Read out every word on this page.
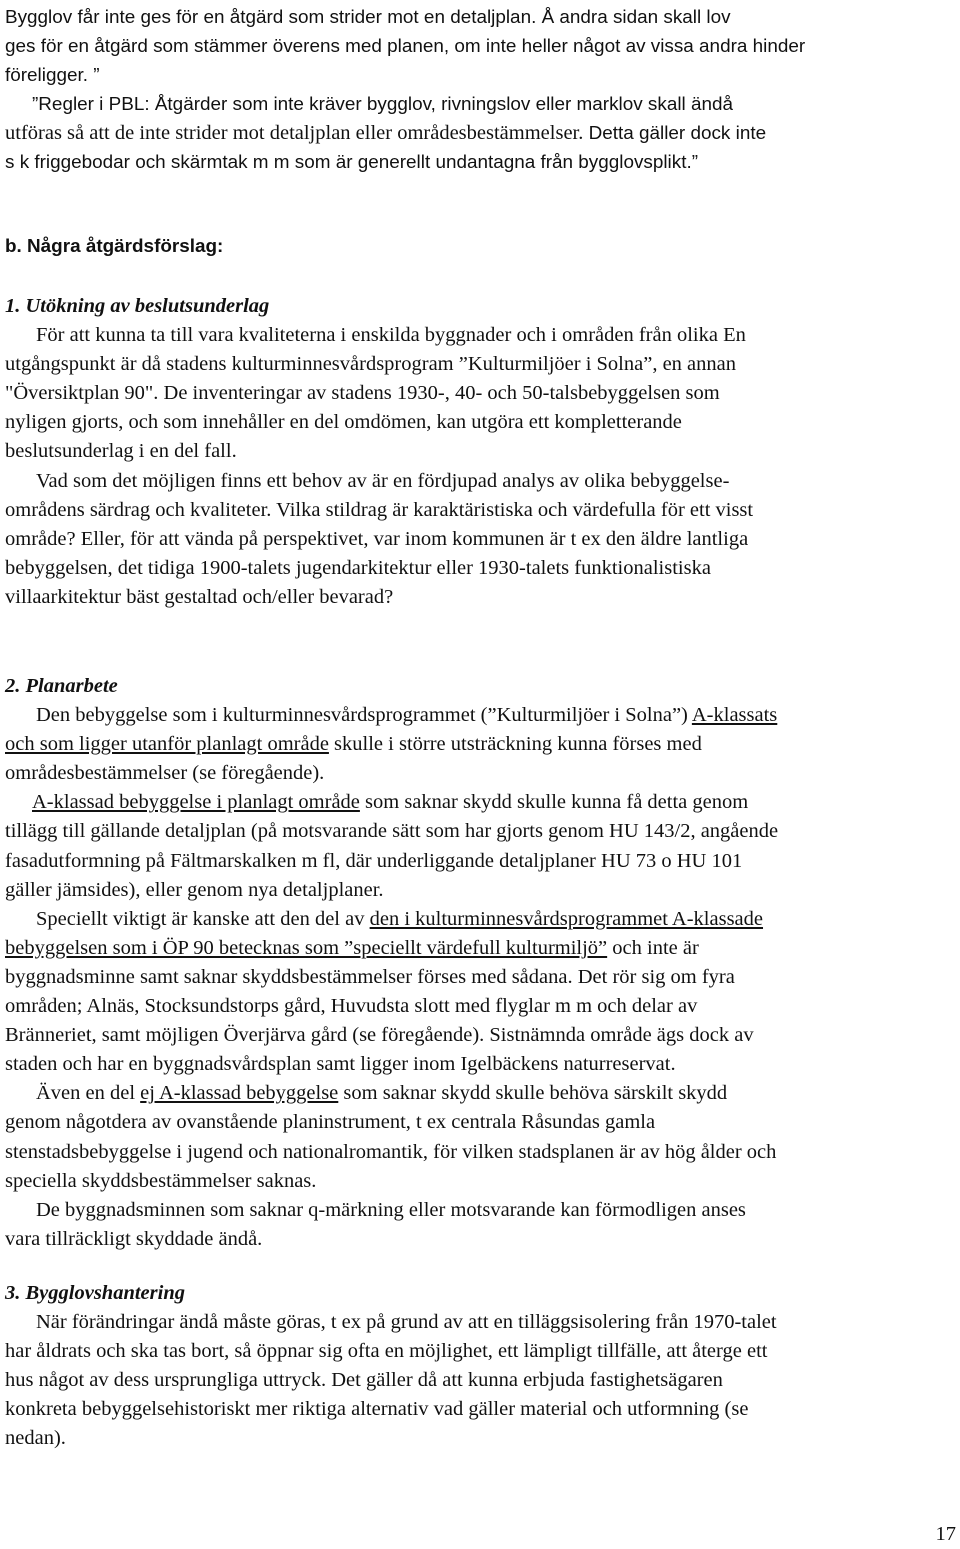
Bygglov får inte ges för en åtgärd som strider mot en detaljplan. Å andra sidan skall lov
ges för en åtgärd som stämmer överens med planen, om inte heller något av vissa andra hinder
föreligger. ”
”Regler i PBL: Åtgärder som inte kräver bygglov, rivningslov eller marklov skall ändå
utföras så att de inte strider mot detaljplan eller områdesbestämmelser. Detta gäller dock inte
s k friggebodar och skärmtak m m som är generellt undantagna från bygglovsplikt.”
b. Några åtgärdsförslag:
1. Utökning av beslutsunderlag
För att kunna ta till vara kvaliteterna i enskilda byggnader och i områden från olika En
utgångspunkt är då stadens kulturminnesvårdsprogram ”Kulturmiljöer i Solna”, en annan
"Översiktplan 90". De inventeringar av stadens 1930-, 40- och 50-talsbebyggelsen som
nyligen gjorts, och som innehåller en del omdömen, kan utgöra ett kompletterande
beslutsunderlag i en del fall.
Vad som det möjligen finns ett behov av är en fördjupad analys av olika bebyggelse-
områdens särdrag och kvaliteter. Vilka stildrag är karaktäristiska och värdefulla för ett visst
område? Eller, för att vända på perspektivet, var inom kommunen är t ex den äldre lantliga
bebyggelsen, det tidiga 1900-talets jugendarkitektur eller 1930-talets funktionalistiska
villaarkitektur bäst gestaltad och/eller bevarad?
2. Planarbete
Den bebyggelse som i kulturminnesvårdsprogrammet (”Kulturmiljöer i Solna”) A-klassats
och som ligger utanför planlagt område skulle i större utsträckning kunna förses med
områdesbestämmelser (se föregående).
A-klassad bebyggelse i planlagt område som saknar skydd skulle kunna få detta genom
tillägg till gällande detaljplan (på motsvarande sätt som har gjorts genom HU 143/2, angående
fasadutformning på Fältmarskalken m fl, där underliggande detaljplaner HU 73 o HU 101
gäller jämsides), eller genom nya detaljplaner.
Speciellt viktigt är kanske att den del av den i kulturminnesvårdsprogrammet A-klassade
bebyggelsen som i ÖP 90 betecknas som ”speciellt värdefull kulturmiljö” och inte är
byggnadsminne samt saknar skyddsbestämmelser förses med sådana. Det rör sig om fyra
områden; Alnäs, Stocksundstorps gård, Huvudsta slott med flyglar m m och delar av
Bränneriet, samt möjligen Överjärva gård (se föregående). Sistnämnda område ägs dock av
staden och har en byggnadsvårdsplan samt ligger inom Igelbäckens naturreservat.
Även en del ej A-klassad bebyggelse som saknar skydd skulle behöva särskilt skydd
genom någotdera av ovanstående planinstrument, t ex centrala Råsundas gamla
stenstadsbebyggelse i jugend och nationalromantik, för vilken stadsplanen är av hög ålder och
speciella skyddsbestämmelser saknas.
De byggnadsminnen som saknar q-märkning eller motsvarande kan förmodligen anses
vara tillräckligt skyddade ändå.
3. Bygglovshantering
När förändringar ändå måste göras, t ex på grund av att en tilläggsisolering från 1970-talet
har åldrats och ska tas bort, så öppnar sig ofta en möjlighet, ett lämpligt tillfälle, att återge ett
hus något av dess ursprungliga uttryck. Det gäller då att kunna erbjuda fastighetsägaren
konkreta bebyggelsehistoriskt mer riktiga alternativ vad gäller material och utformning (se
nedan).
17
